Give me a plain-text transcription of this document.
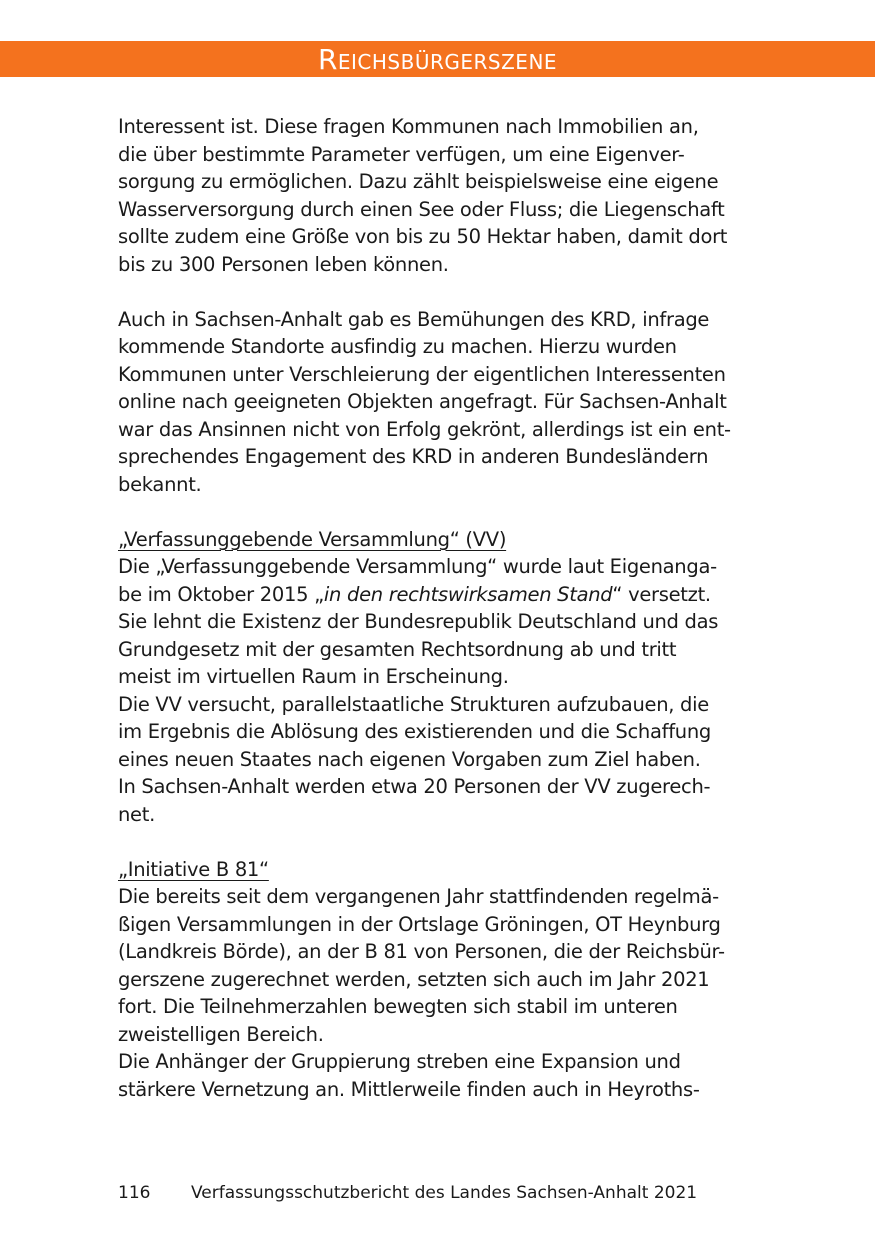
Reichsbürgerszene

Interessent ist. Diese fragen Kommunen nach Immobilien an,
die über bestimmte Parameter verfügen, um eine Eigenver-
sorgung zu ermöglichen. Dazu zählt beispielsweise eine eigene
Wasserversorgung durch einen See oder Fluss; die Liegenschaft
sollte zudem eine Größe von bis zu 50 Hektar haben, damit dort
bis zu 300 Personen leben können.

Auch in Sachsen-Anhalt gab es Bemühungen des KRD, infrage
kommende Standorte ausfindig zu machen. Hierzu wurden
Kommunen unter Verschleierung der eigentlichen Interessenten
online nach geeigneten Objekten angefragt. Für Sachsen-Anhalt
war das Ansinnen nicht von Erfolg gekrönt, allerdings ist ein ent-
sprechendes Engagement des KRD in anderen Bundesländern
bekannt.

„Verfassunggebende Versammlung“ (VV)
Die „Verfassunggebende Versammlung“ wurde laut Eigenanga-
be im Oktober 2015 „in den rechtswirksamen Stand“ versetzt.
Sie lehnt die Existenz der Bundesrepublik Deutschland und das
Grundgesetz mit der gesamten Rechtsordnung ab und tritt
meist im virtuellen Raum in Erscheinung.
Die VV versucht, parallelstaatliche Strukturen aufzubauen, die
im Ergebnis die Ablösung des existierenden und die Schaffung
eines neuen Staates nach eigenen Vorgaben zum Ziel haben.
In Sachsen-Anhalt werden etwa 20 Personen der VV zugerech-
net.
„Initiative B 81“
Die bereits seit dem vergangenen Jahr stattfindenden regelmä-
ßigen Versammlungen in der Ortslage Gröningen, OT Heynburg
(Landkreis Börde), an der B 81 von Personen, die der Reichsbür-
gerszene zugerechnet werden, setzten sich auch im Jahr 2021
fort. Die Teilnehmerzahlen bewegten sich stabil im unteren
zweistelligen Bereich.
Die Anhänger der Gruppierung streben eine Expansion und
stärkere Vernetzung an. Mittlerweile finden auch in Heyroths-
116 Verfassungsschutzbericht des Landes Sachsen-Anhalt 2021
